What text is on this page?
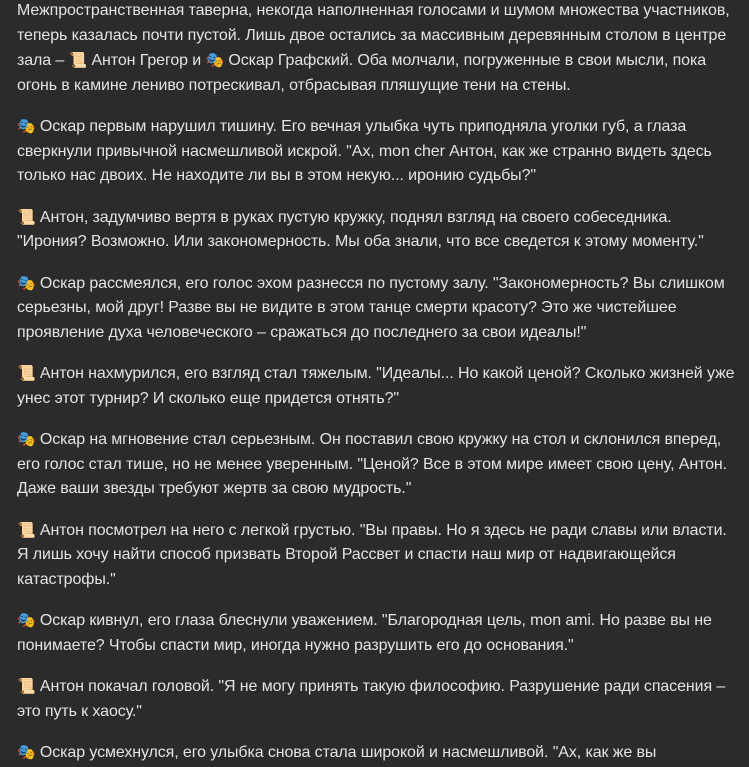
Межпространственная таверна, некогда наполненная голосами и шумом множества участников, теперь казалась почти пустой. Лишь двое остались за массивным деревянным столом в центре зала – 📜 Антон Грегор и 🎭 Оскар Графский. Оба молчали, погруженные в свои мысли, пока огонь в камине лениво потрескивал, отбрасывая пляшущие тени на стены.

🎭 Оскар первым нарушил тишину. Его вечная улыбка чуть приподняла уголки губ, а глаза сверкнули привычной насмешливой искрой. "Ах, mon cher Антон, как же странно видеть здесь только нас двоих. Не находите ли вы в этом некую... иронию судьбы?"

📜 Антон, задумчиво вертя в руках пустую кружку, поднял взгляд на своего собеседника. "Ирония? Возможно. Или закономерность. Мы оба знали, что все сведется к этому моменту."

🎭 Оскар рассмеялся, его голос эхом разнесся по пустому залу. "Закономерность? Вы слишком серьезны, мой друг! Разве вы не видите в этом танце смерти красоту? Это же чистейшее проявление духа человеческого – сражаться до последнего за свои идеалы!"

📜 Антон нахмурился, его взгляд стал тяжелым. "Идеалы... Но какой ценой? Сколько жизней уже унес этот турнир? И сколько еще придется отнять?"

🎭 Оскар на мгновение стал серьезным. Он поставил свою кружку на стол и склонился вперед, его голос стал тише, но не менее уверенным. "Ценой? Все в этом мире имеет свою цену, Антон. Даже ваши звезды требуют жертв за свою мудрость."

📜 Антон посмотрел на него с легкой грустью. "Вы правы. Но я здесь не ради славы или власти. Я лишь хочу найти способ призвать Второй Рассвет и спасти наш мир от надвигающейся катастрофы."

🎭 Оскар кивнул, его глаза блеснули уважением. "Благородная цель, mon ami. Но разве вы не понимаете? Чтобы спасти мир, иногда нужно разрушить его до основания."

📜 Антон покачал головой. "Я не могу принять такую философию. Разрушение ради спасения – это путь к хаосу."

🎭 Оскар усмехнулся, его улыбка снова стала широкой и насмешливой. "Ах, как же вы
